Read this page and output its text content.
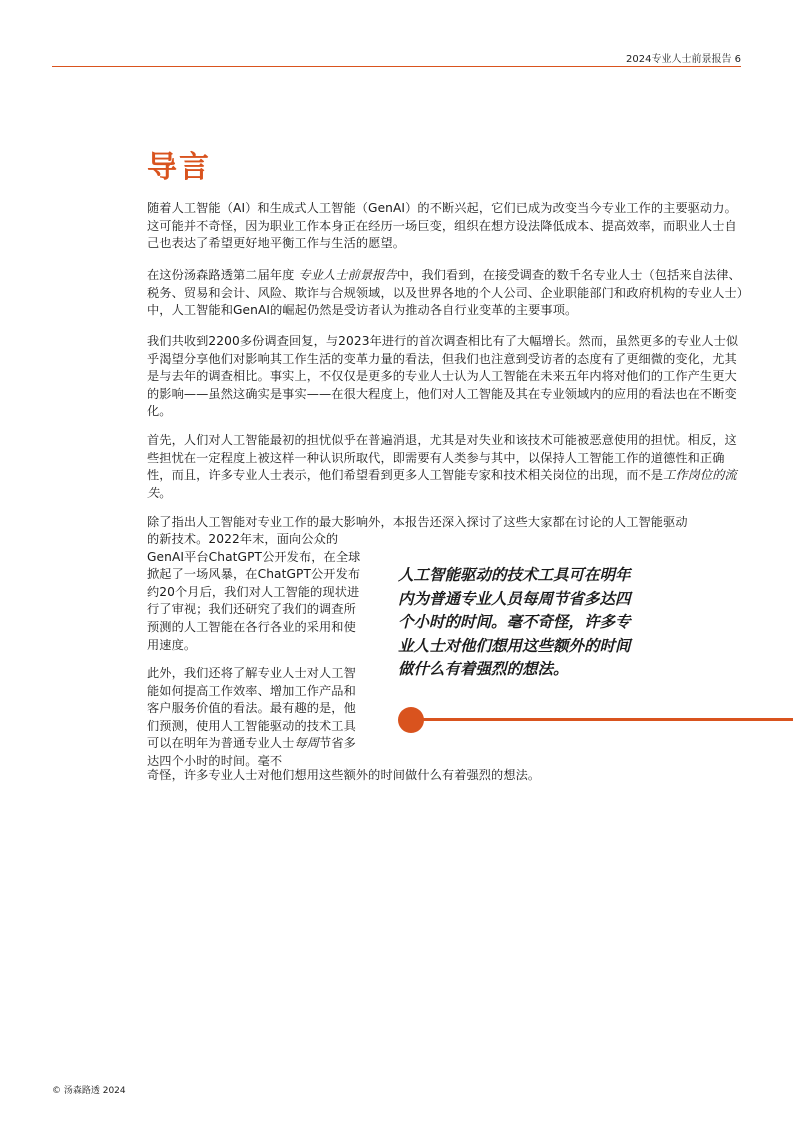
2024专业人士前景报告 6
导言

随着人工智能（AI）和生成式人工智能（GenAI）的不断兴起，它们已成为改变当今专业工作的主要驱动力。这可能并不奇怪，因为职业工作本身正在经历一场巨变，组织在想方设法降低成本、提高效率，而职业人士自己也表达了希望更好地平衡工作与生活的愿望。

在这份汤森路透第二届年度 专业人士前景报告中，我们看到，在接受调查的数千名专业人士（包括来自法律、税务、贸易和会计、风险、欺诈与合规领域，以及世界各地的个人公司、企业职能部门和政府机构的专业人士）中，人工智能和GenAI的崛起仍然是受访者认为推动各自行业变革的主要事项。

我们共收到2200多份调查回复，与2023年进行的首次调查相比有了大幅增长。然而，虽然更多的专业人士似乎渴望分享他们对影响其工作生活的变革力量的看法，但我们也注意到受访者的态度有了更细微的变化，尤其是与去年的调查相比。事实上，不仅仅是更多的专业人士认为人工智能在未来五年内将对他们的工作产生更大的影响——虽然这确实是事实——在很大程度上，他们对人工智能及其在专业领域内的应用的看法也在不断变化。

首先，人们对人工智能最初的担忧似乎在普遍消退，尤其是对失业和该技术可能被恶意使用的担忧。相反，这些担忧在一定程度上被这样一种认识所取代，即需要有人类参与其中，以保持人工智能工作的道德性和正确性，而且，许多专业人士表示，他们希望看到更多人工智能专家和技术相关岗位的出现，而不是工作岗位的流失。

除了指出人工智能对专业工作的最大影响外，本报告还深入探讨了这些大家都在讨论的人工智能驱动

的新技术。2022年末，面向公众的GenAI平台ChatGPT公开发布，在全球掀起了一场风暴，在ChatGPT公开发布约20个月后，我们对人工智能的现状进行了审视；我们还研究了我们的调查所预测的人工智能在各行各业的采用和使用速度。

此外，我们还将了解专业人士对人工智能如何提高工作效率、增加工作产品和客户服务价值的看法。最有趣的是，他们预测，使用人工智能驱动的技术工具可以在明年为普通专业人士每周节省多达四个小时的时间。毫不

奇怪，许多专业人士对他们想用这些额外的时间做什么有着强烈的想法。

人工智能驱动的技术工具可在明年内为普通专业人员每周节省多达四个小时的时间。毫不奇怪，许多专业人士对他们想用这些额外的时间做什么有着强烈的想法。

© 汤森路透 2024
